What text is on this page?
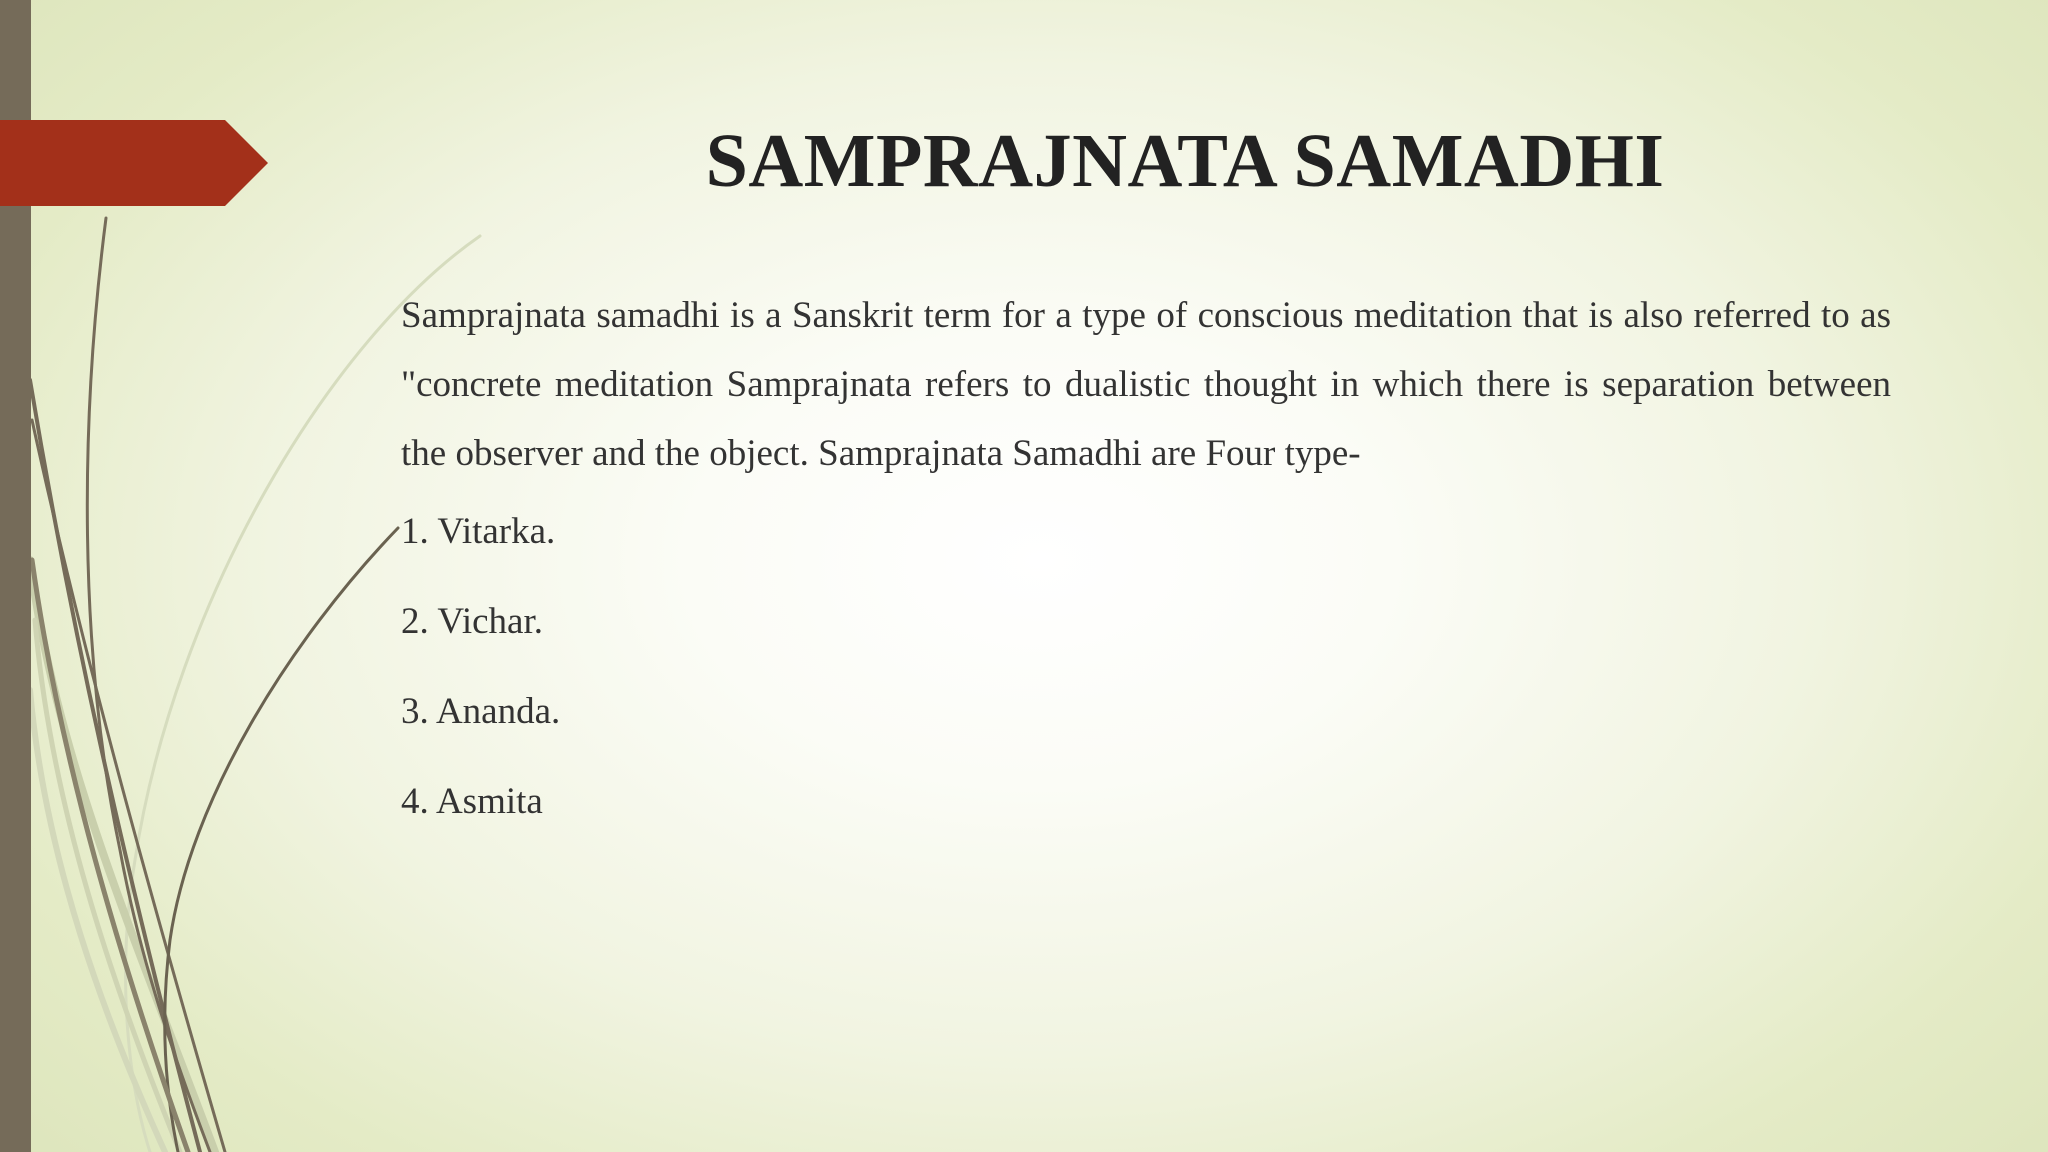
SAMPRAJNATA SAMADHI

Samprajnata samadhi is a Sanskrit term for a type of conscious meditation that is also referred to as "concrete meditation Samprajnata refers to dualistic thought in which there is separation between the observer and the object. Samprajnata Samadhi are Four type-

1. Vitarka.
2. Vichar.
3. Ananda.
4. Asmita
